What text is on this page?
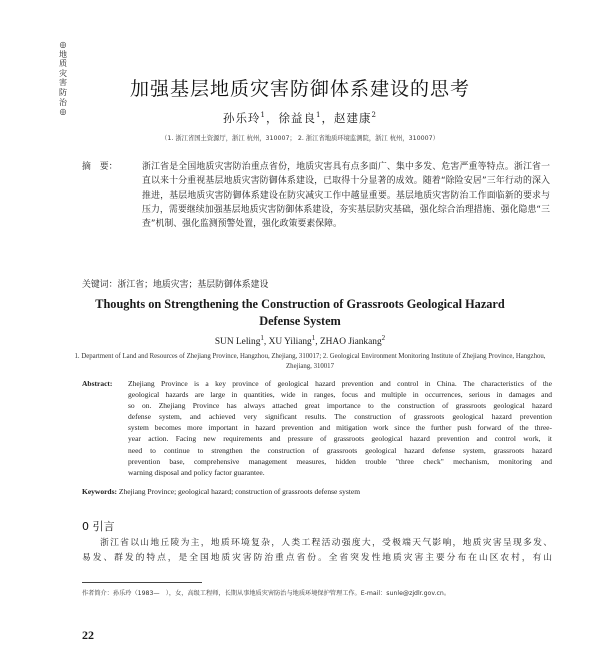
◎地质灾害防治◎
加强基层地质灾害防御体系建设的思考
孙乐玲$^1$，徐益良$^1$，赵建康$^2$
（1. 浙江省国土资源厅，浙江 杭州，310007； 2. 浙江省地质环境监测院，浙江 杭州，310007）
摘　要：	浙江省是全国地质灾害防治重点省份，地质灾害具有点多面广、集中多发、危害严重等特点。浙江省一直以来十分重视基层地质灾害防御体系建设，已取得十分显著的成效。随着“除险安居”三年行动的深入推进，基层地质灾害防御体系建设在防灾减灾工作中越显重要。基层地质灾害防治工作面临新的要求与压力，需要继续加强基层地质灾害防御体系建设，夯实基层防灾基础，强化综合治理措施、强化隐患“三查”机制、强化监测预警处置，强化政策要素保障。
关键词：浙江省；地质灾害；基层防御体系建设
Thoughts on Strengthening the Construction of Grassroots Geological Hazard Defense System
SUN Leling$^1$, XU Yiliang$^1$, ZHAO Jiankang$^2$
1. Department of Land and Resources of Zhejiang Province, Hangzhou, Zhejiang, 310017; 2. Geological Environment Monitoring Institute of Zhejiang Province, Hangzhou, Zhejiang, 310017
Abstract:	Zhejiang Province is a key province of geological hazard prevention and control in China. The characteristics of the
geological hazards are large in quantities, wide in ranges, focus and multiple in occurrences, serious in damages and
so on. Zhejiang Province has always attached great importance to the construction of grassroots geological hazard
defense system, and achieved very significant results. The construction of grassroots geological hazard prevention
system becomes more important in hazard prevention and mitigation work since the further push forward of the three-
year action. Facing new requirements and pressure of grassroots geological hazard prevention and control work, it
need to continue to strengthen the construction of grassroots geological hazard defense system, grassroots hazard
prevention base, comprehensive management measures, hidden trouble "three check" mechanism, monitoring and
warning disposal and policy factor guarantee.
Keywords: Zhejiang Province; geological hazard; construction of grassroots defense system
0 引言
浙江省以山地丘陵为主，地质环境复杂，人类工程活动强度大，受极端天气影响，地质灾害呈现多发、
易发、群发的特点，是全国地质灾害防治重点省份。全省突发性地质灾害主要分布在山区农村，有山
作者简介：孙乐玲（1983—　），女，高级工程师，长期从事地质灾害防治与地质环境保护管理工作。E-mail：sunle@zjdlr.gov.cn。
22
